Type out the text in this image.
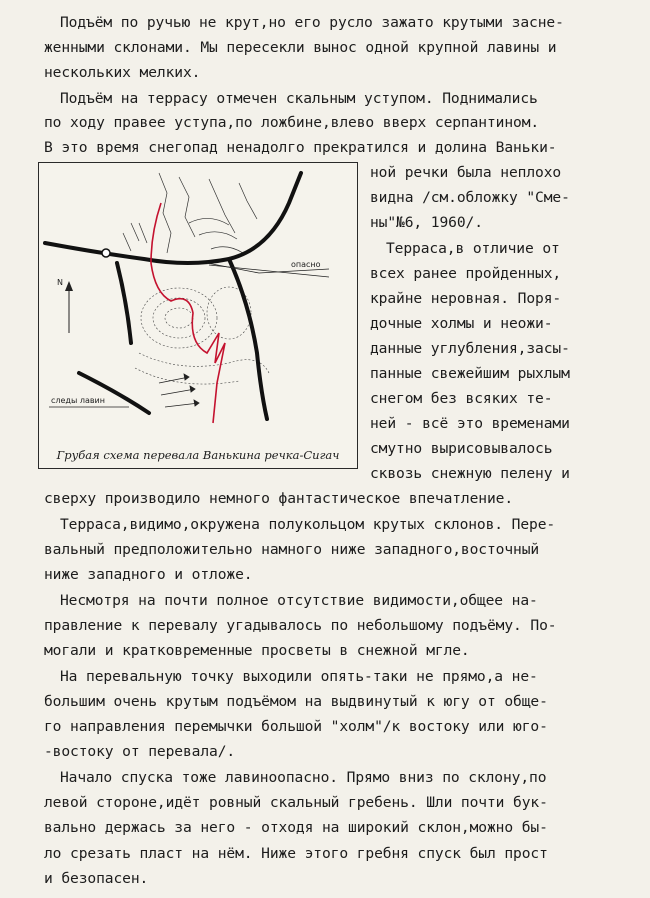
Подъём по ручью не крут,но его русло зажато крутыми засне-
женными склонами. Мы пересекли вынос одной крупной лавины и
нескольких мелких.
Подъём на террасу отмечен скальным уступом. Поднимались
по ходу правее уступа,по ложбине,влево вверх серпантином.
В это время снегопад ненадолго прекратился и долина Ваньки-
ной речки была неплохо
видна /см.обложку "Сме-
ны"№6, 1960/.
Терраса,в отличие от
всех ранее пройденных,
крайне неровная. Поря-
дочные холмы и неожи-
данные углубления,засы-
панные свежейшим рыхлым
снегом без всяких те-
ней - всё это временами
смутно вырисовывалось
сквозь снежную пелену и
сверху производило немного фантастическое впечатление.
Терраса,видимо,окружена полукольцом крутых склонов. Пере-
вальный предположительно намного ниже западного,восточный
ниже западного и отложе.
Несмотря на почти полное отсутствие видимости,общее на-
правление к перевалу угадывалось по небольшому подъёму. По-
могали и кратковременные просветы в снежной мгле.
На перевальную точку выходили опять-таки не прямо,а не-
большим очень крутым подъёмом на выдвинутый к югу от обще-
го направления перемычки большой "холм"/к востоку или юго-
-востоку от перевала/.
Начало спуска тоже лавиноопасно. Прямо вниз по склону,по
левой стороне,идёт ровный скальный гребень. Шли почти бук-
вально держась за него - отходя на широкий склон,можно бы-
ло срезать пласт на нём. Ниже этого гребня спуск был прост
и безопасен.
опасно
N
следы лавин
Грубая схема перевала Ванькина речка-Сигач
